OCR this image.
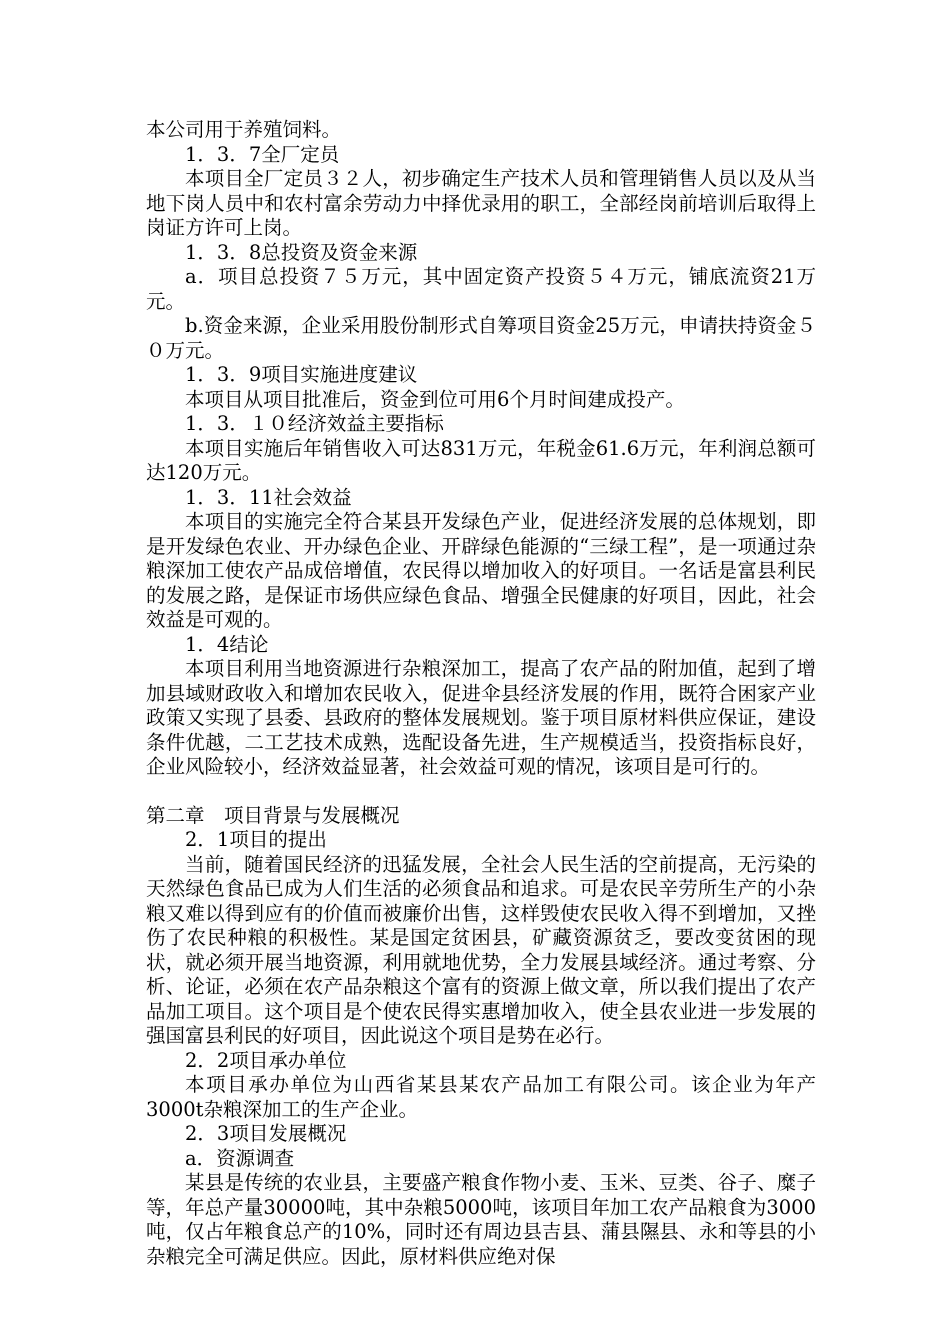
本公司用于养殖饲料。

1．3．7全厂定员

本项目全厂定员３２人，初步确定生产技术人员和管理销售人员以及从当地下岗人员中和农村富余劳动力中择优录用的职工，全部经岗前培训后取得上岗证方许可上岗。

1．3．8总投资及资金来源

a．项目总投资７５万元，其中固定资产投资５４万元，铺底流资21万元。

b.资金来源，企业采用股份制形式自筹项目资金25万元，申请扶持资金５０万元。

1．3．9项目实施进度建议

本项目从项目批准后，资金到位可用6个月时间建成投产。

1．3．１０经济效益主要指标

本项目实施后年销售收入可达831万元，年税金61.6万元，年利润总额可达120万元。

1．3．11社会效益

本项目的实施完全符合某县开发绿色产业，促进经济发展的总体规划，即是开发绿色农业、开办绿色企业、开辟绿色能源的“三绿工程”，是一项通过杂粮深加工使农产品成倍增值，农民得以增加收入的好项目。一名话是富县利民的发展之路，是保证市场供应绿色食品、增强全民健康的好项目，因此，社会效益是可观的。

1．4结论

本项目利用当地资源进行杂粮深加工，提高了农产品的附加值，起到了增加县域财政收入和增加农民收入，促进伞县经济发展的作用，既符合困家产业政策又实现了县委、县政府的整体发展规划。鉴于项目原材料供应保证，建设条件优越，二工艺技术成熟，选配设备先进，生产规模适当，投资指标良好，企业风险较小，经济效益显著，社会效益可观的情况，该项目是可行的。

第二章　项目背景与发展概况

2．1项目的提出

当前，随着国民经济的迅猛发展，全社会人民生活的空前提高，无污染的天然绿色食品已成为人们生活的必须食品和追求。可是农民辛劳所生产的小杂粮又难以得到应有的价值而被廉价出售，这样毁使农民收入得不到增加，又挫伤了农民种粮的积极性。某是国定贫困县，矿藏资源贫乏，要改变贫困的现状，就必须开展当地资源，利用就地优势，全力发展县域经济。通过考察、分析、论证，必须在农产品杂粮这个富有的资源上做文章，所以我们提出了农产品加工项目。这个项目是个使农民得实惠增加收入，使全县农业进一步发展的强国富县利民的好项目，因此说这个项目是势在必行。

2．2项目承办单位

本项目承办单位为山西省某县某农产品加工有限公司。该企业为年产3000t杂粮深加工的生产企业。

2．3项目发展概况

a．资源调查

某县是传统的农业县，主要盛产粮食作物小麦、玉米、豆类、谷子、糜子等，年总产量30000吨，其中杂粮5000吨，该项目年加工农产品粮食为3000吨，仅占年粮食总产的10%，同时还有周边县吉县、蒲县隰县、永和等县的小杂粮完全可满足供应。因此，原材料供应绝对保
